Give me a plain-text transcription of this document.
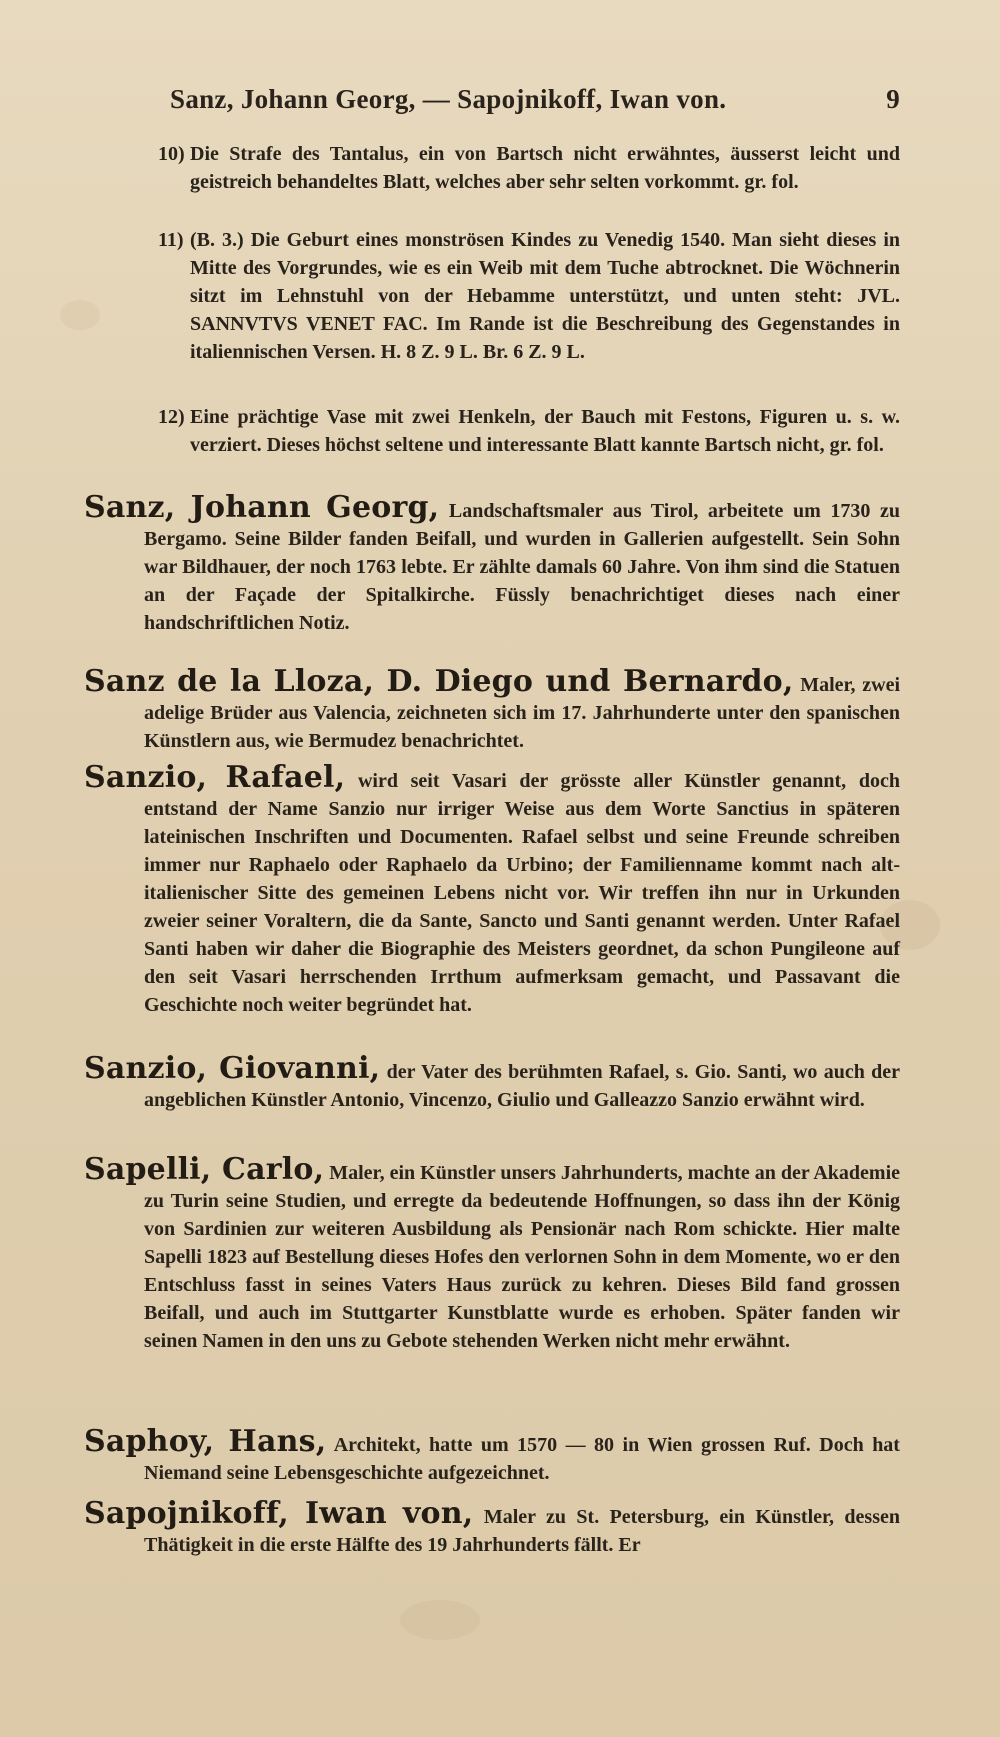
Sanz, Johann Georg, — Sapojnikoff, Iwan von.	9
10) Die Strafe des Tantalus, ein von Bartsch nicht erwähntes, äusserst leicht und geistreich behandeltes Blatt, welches aber sehr selten vorkommt. gr. fol.
11) (B. 3.) Die Geburt eines monströsen Kindes zu Venedig 1540. Man sieht dieses in Mitte des Vorgrundes, wie es ein Weib mit dem Tuche abtrocknet. Die Wöchnerin sitzt im Lehnstuhl von der Hebamme unterstützt, und unten steht: JVL. SANNVTVS VENET FAC. Im Rande ist die Beschreibung des Gegenstandes in italiennischen Versen. H. 8 Z. 9 L. Br. 6 Z. 9 L.
12) Eine prächtige Vase mit zwei Henkeln, der Bauch mit Festons, Figuren u. s. w. verziert. Dieses höchst seltene und interessante Blatt kannte Bartsch nicht, gr. fol.
Sanz, Johann Georg, Landschaftsmaler aus Tirol, arbeitete um 1730 zu Bergamo. Seine Bilder fanden Beifall, und wurden in Gallerien aufgestellt. Sein Sohn war Bildhauer, der noch 1763 lebte. Er zählte damals 60 Jahre. Von ihm sind die Statuen an der Façade der Spitalkirche. Füssly benachrichtiget dieses nach einer handschriftlichen Notiz.
Sanz de la Lloza, D. Diego und Bernardo, Maler, zwei adelige Brüder aus Valencia, zeichneten sich im 17. Jahrhunderte unter den spanischen Künstlern aus, wie Bermudez benachrichtet.
Sanzio, Rafael, wird seit Vasari der grösste aller Künstler genannt, doch entstand der Name Sanzio nur irriger Weise aus dem Worte Sanctius in späteren lateinischen Inschriften und Documenten. Rafael selbst und seine Freunde schreiben immer nur Raphaelo oder Raphaelo da Urbino; der Familienname kommt nach alt-italienischer Sitte des gemeinen Lebens nicht vor. Wir treffen ihn nur in Urkunden zweier seiner Voraltern, die da Sante, Sancto und Santi genannt werden. Unter Rafael Santi haben wir daher die Biographie des Meisters geordnet, da schon Pungileone auf den seit Vasari herrschenden Irrthum aufmerksam gemacht, und Passavant die Geschichte noch weiter begründet hat.
Sanzio, Giovanni, der Vater des berühmten Rafael, s. Gio. Santi, wo auch der angeblichen Künstler Antonio, Vincenzo, Giulio und Galleazzo Sanzio erwähnt wird.
Sapelli, Carlo, Maler, ein Künstler unsers Jahrhunderts, machte an der Akademie zu Turin seine Studien, und erregte da bedeutende Hoffnungen, so dass ihn der König von Sardinien zur weiteren Ausbildung als Pensionär nach Rom schickte. Hier malte Sapelli 1823 auf Bestellung dieses Hofes den verlornen Sohn in dem Momente, wo er den Entschluss fasst in seines Vaters Haus zurück zu kehren. Dieses Bild fand grossen Beifall, und auch im Stuttgarter Kunstblatte wurde es erhoben. Später fanden wir seinen Namen in den uns zu Gebote stehenden Werken nicht mehr erwähnt.
Saphoy, Hans, Architekt, hatte um 1570 — 80 in Wien grossen Ruf. Doch hat Niemand seine Lebensgeschichte aufgezeichnet.
Sapojnikoff, Iwan von, Maler zu St. Petersburg, ein Künstler, dessen Thätigkeit in die erste Hälfte des 19 Jahrhunderts fällt. Er
